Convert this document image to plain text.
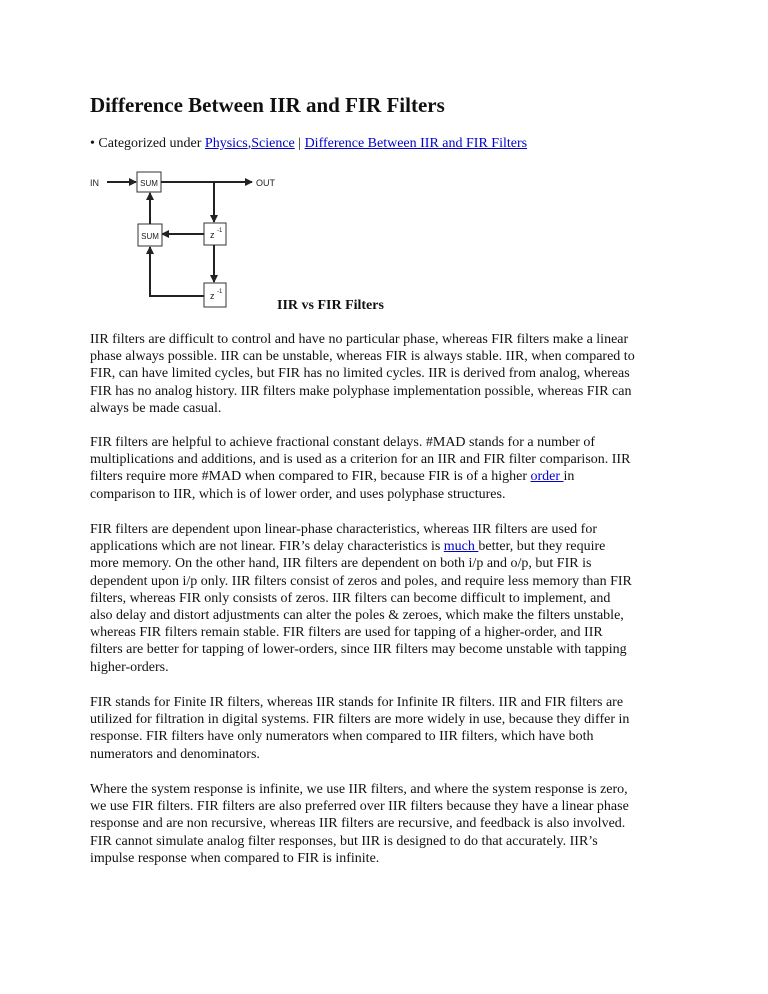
Difference Between IIR and FIR Filters
• Categorized under Physics,Science | Difference Between IIR and FIR Filters
IN	SUM	OUT
z -1
SUM
z -1
IIR vs FIR Filters

IIR filters are difficult to control and have no particular phase, whereas FIR filters make a linear
phase always possible. IIR can be unstable, whereas FIR is always stable. IIR, when compared to
FIR, can have limited cycles, but FIR has no limited cycles. IIR is derived from analog, whereas
FIR has no analog history. IIR filters make polyphase implementation possible, whereas FIR can
always be made casual.

FIR filters are helpful to achieve fractional constant delays. #MAD stands for a number of
multiplications and additions, and is used as a criterion for an IIR and FIR filter comparison. IIR
filters require more #MAD when compared to FIR, because FIR is of a higher order in
comparison to IIR, which is of lower order, and uses polyphase structures.

FIR filters are dependent upon linear-phase characteristics, whereas IIR filters are used for
applications which are not linear. FIR’s delay characteristics is much better, but they require
more memory. On the other hand, IIR filters are dependent on both i/p and o/p, but FIR is
dependent upon i/p only. IIR filters consist of zeros and poles, and require less memory than FIR
filters, whereas FIR only consists of zeros. IIR filters can become difficult to implement, and
also delay and distort adjustments can alter the poles & zeroes, which make the filters unstable,
whereas FIR filters remain stable. FIR filters are used for tapping of a higher-order, and IIR
filters are better for tapping of lower-orders, since IIR filters may become unstable with tapping
higher-orders.

FIR stands for Finite IR filters, whereas IIR stands for Infinite IR filters. IIR and FIR filters are
utilized for filtration in digital systems. FIR filters are more widely in use, because they differ in
response. FIR filters have only numerators when compared to IIR filters, which have both
numerators and denominators.

Where the system response is infinite, we use IIR filters, and where the system response is zero,
we use FIR filters. FIR filters are also preferred over IIR filters because they have a linear phase
response and are non recursive, whereas IIR filters are recursive, and feedback is also involved.
FIR cannot simulate analog filter responses, but IIR is designed to do that accurately. IIR’s
impulse response when compared to FIR is infinite.
